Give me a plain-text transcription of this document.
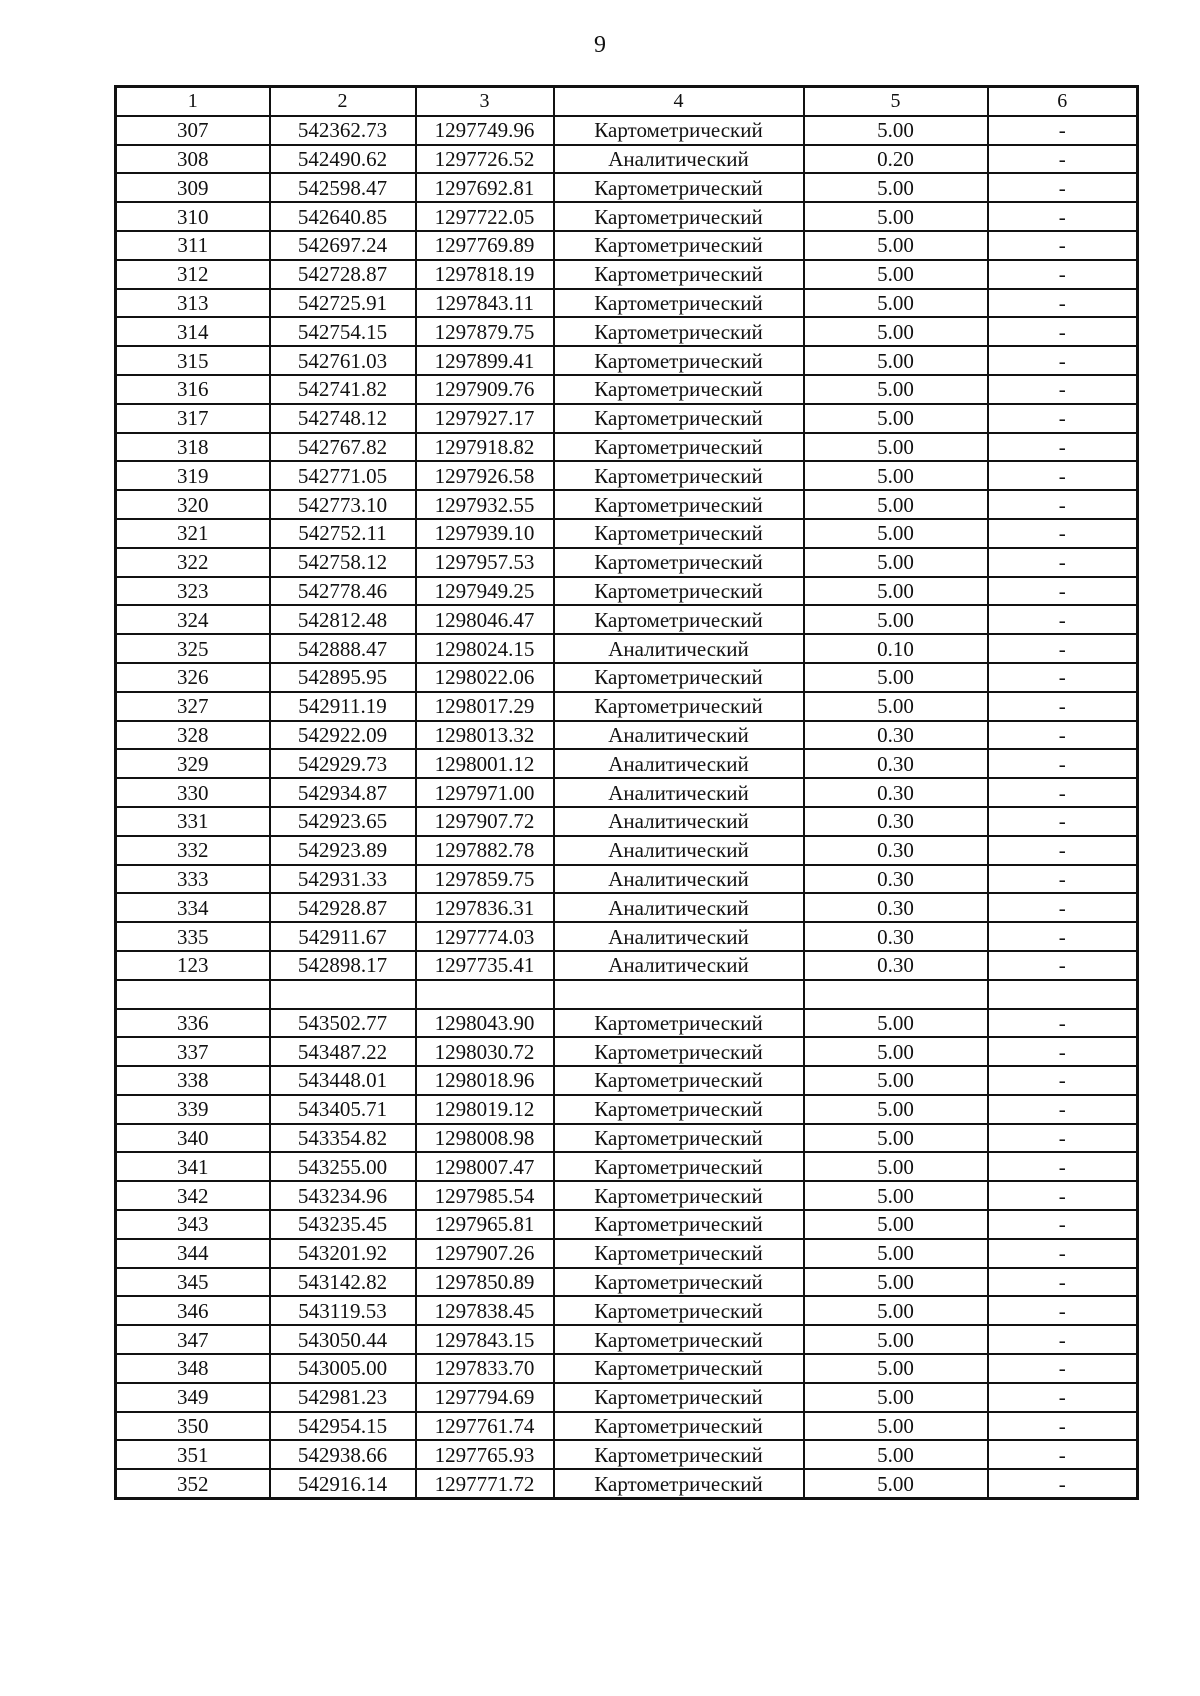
9
1	2	3	4	5	6
307	542362.73	1297749.96	Картометрический	5.00	-
308	542490.62	1297726.52	Аналитический	0.20	-
309	542598.47	1297692.81	Картометрический	5.00	-
310	542640.85	1297722.05	Картометрический	5.00	-
311	542697.24	1297769.89	Картометрический	5.00	-
312	542728.87	1297818.19	Картометрический	5.00	-
313	542725.91	1297843.11	Картометрический	5.00	-
314	542754.15	1297879.75	Картометрический	5.00	-
315	542761.03	1297899.41	Картометрический	5.00	-
316	542741.82	1297909.76	Картометрический	5.00	-
317	542748.12	1297927.17	Картометрический	5.00	-
318	542767.82	1297918.82	Картометрический	5.00	-
319	542771.05	1297926.58	Картометрический	5.00	-
320	542773.10	1297932.55	Картометрический	5.00	-
321	542752.11	1297939.10	Картометрический	5.00	-
322	542758.12	1297957.53	Картометрический	5.00	-
323	542778.46	1297949.25	Картометрический	5.00	-
324	542812.48	1298046.47	Картометрический	5.00	-
325	542888.47	1298024.15	Аналитический	0.10	-
326	542895.95	1298022.06	Картометрический	5.00	-
327	542911.19	1298017.29	Картометрический	5.00	-
328	542922.09	1298013.32	Аналитический	0.30	-
329	542929.73	1298001.12	Аналитический	0.30	-
330	542934.87	1297971.00	Аналитический	0.30	-
331	542923.65	1297907.72	Аналитический	0.30	-
332	542923.89	1297882.78	Аналитический	0.30	-
333	542931.33	1297859.75	Аналитический	0.30	-
334	542928.87	1297836.31	Аналитический	0.30	-
335	542911.67	1297774.03	Аналитический	0.30	-
123	542898.17	1297735.41	Аналитический	0.30	-

336	543502.77	1298043.90	Картометрический	5.00	-
337	543487.22	1298030.72	Картометрический	5.00	-
338	543448.01	1298018.96	Картометрический	5.00	-
339	543405.71	1298019.12	Картометрический	5.00	-
340	543354.82	1298008.98	Картометрический	5.00	-
341	543255.00	1298007.47	Картометрический	5.00	-
342	543234.96	1297985.54	Картометрический	5.00	-
343	543235.45	1297965.81	Картометрический	5.00	-
344	543201.92	1297907.26	Картометрический	5.00	-
345	543142.82	1297850.89	Картометрический	5.00	-
346	543119.53	1297838.45	Картометрический	5.00	-
347	543050.44	1297843.15	Картометрический	5.00	-
348	543005.00	1297833.70	Картометрический	5.00	-
349	542981.23	1297794.69	Картометрический	5.00	-
350	542954.15	1297761.74	Картометрический	5.00	-
351	542938.66	1297765.93	Картометрический	5.00	-
352	542916.14	1297771.72	Картометрический	5.00	-
